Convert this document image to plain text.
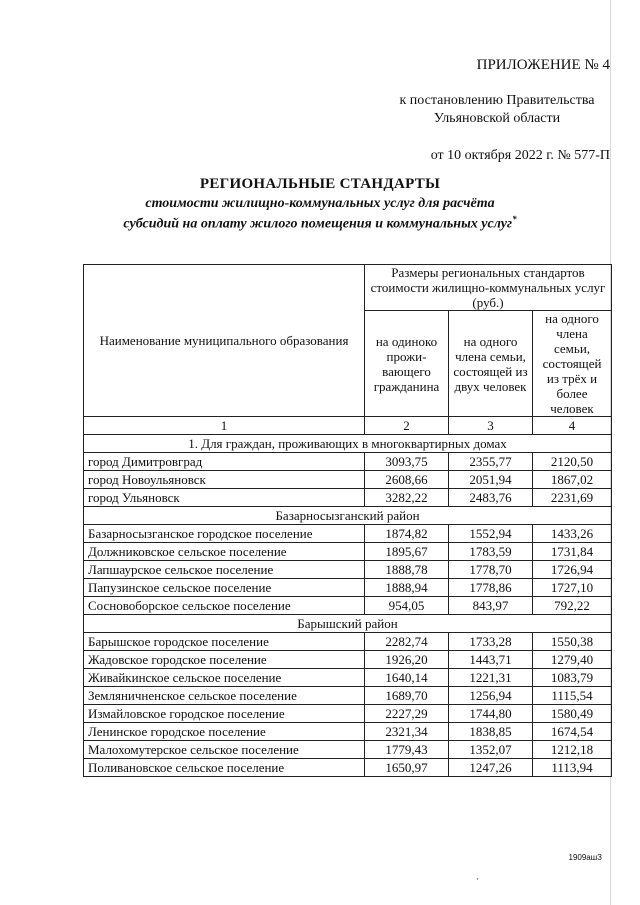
ПРИЛОЖЕНИЕ № 4
к постановлению Правительства Ульяновской области
от 10 октября 2022 г. № 577-П
РЕГИОНАЛЬНЫЕ СТАНДАРТЫ
стоимости жилищно-коммунальных услуг для расчёта
субсидий на оплату жилого помещения и коммунальных услуг*
Наименование муниципального образования	Размеры региональных стандартов стоимости жилищно-коммунальных услуг (руб.)		
	на одиноко прожи-вающего гражданина	на одного члена семьи, состоящей из двух человек	на одного члена семьи, состоящей из трёх и более человек
1	2	3	4
1. Для граждан, проживающих в многоквартирных домах			
город Димитровград	3093,75	2355,77	2120,50
город Новоульяновск	2608,66	2051,94	1867,02
город Ульяновск	3282,22	2483,76	2231,69
Базарносызганский район			
Базарносызганское городское поселение	1874,82	1552,94	1433,26
Должниковское сельское поселение	1895,67	1783,59	1731,84
Лапшаурское сельское поселение	1888,78	1778,70	1726,94
Папузинское сельское поселение	1888,94	1778,86	1727,10
Сосновоборское сельское поселение	954,05	843,97	792,22
Барышский район			
Барышское городское поселение	2282,74	1733,28	1550,38
Жадовское городское поселение	1926,20	1443,71	1279,40
Живайкинское сельское поселение	1640,14	1221,31	1083,79
Земляничненское сельское поселение	1689,70	1256,94	1115,54
Измайловское городское поселение	2227,29	1744,80	1580,49
Ленинское городское поселение	2321,34	1838,85	1674,54
Малохомутерское сельское поселение	1779,43	1352,07	1212,18
Поливановское сельское поселение	1650,97	1247,26	1113,94
1909ашЗ
·
